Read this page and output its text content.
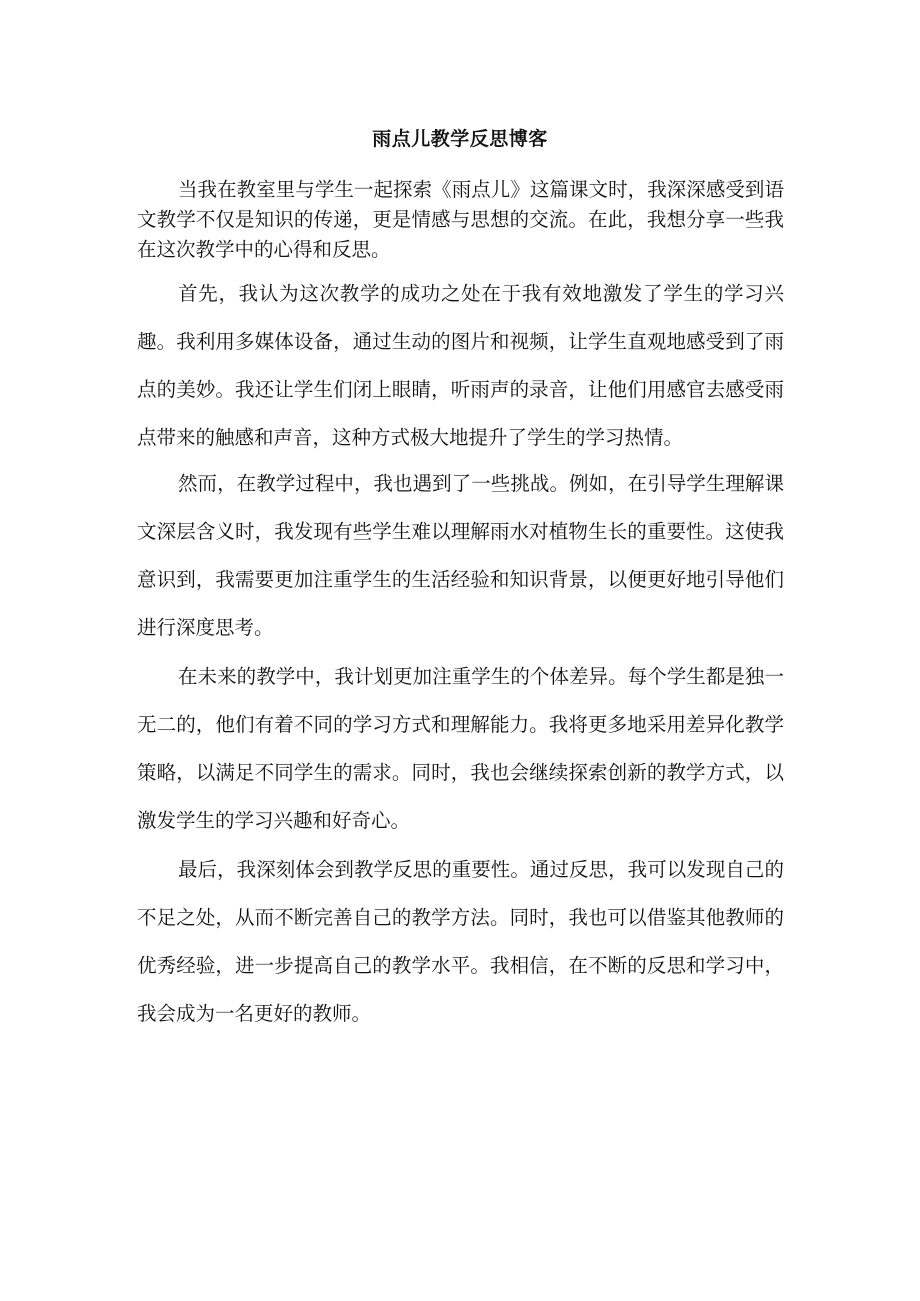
雨点儿教学反思博客

当我在教室里与学生一起探索《雨点儿》这篇课文时，我深深感受到语文教学不仅是知识的传递，更是情感与思想的交流。在此，我想分享一些我在这次教学中的心得和反思。

首先，我认为这次教学的成功之处在于我有效地激发了学生的学习兴趣。我利用多媒体设备，通过生动的图片和视频，让学生直观地感受到了雨点的美妙。我还让学生们闭上眼睛，听雨声的录音，让他们用感官去感受雨点带来的触感和声音，这种方式极大地提升了学生的学习热情。

然而，在教学过程中，我也遇到了一些挑战。例如，在引导学生理解课文深层含义时，我发现有些学生难以理解雨水对植物生长的重要性。这使我意识到，我需要更加注重学生的生活经验和知识背景，以便更好地引导他们进行深度思考。

在未来的教学中，我计划更加注重学生的个体差异。每个学生都是独一无二的，他们有着不同的学习方式和理解能力。我将更多地采用差异化教学策略，以满足不同学生的需求。同时，我也会继续探索创新的教学方式，以激发学生的学习兴趣和好奇心。

最后，我深刻体会到教学反思的重要性。通过反思，我可以发现自己的不足之处，从而不断完善自己的教学方法。同时，我也可以借鉴其他教师的优秀经验，进一步提高自己的教学水平。我相信，在不断的反思和学习中，我会成为一名更好的教师。
